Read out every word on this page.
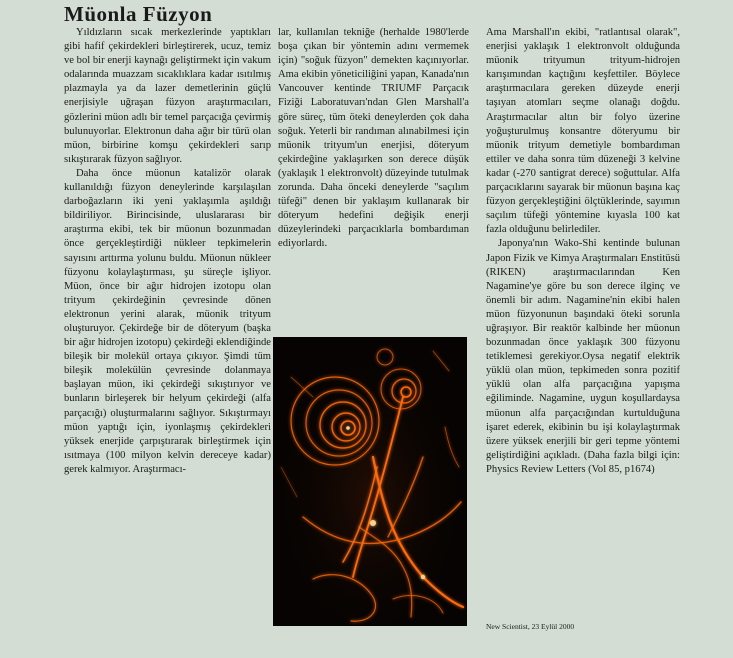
Müonla Füzyon

Yıldızların sıcak merkezlerinde yaptıkları gibi hafif çekirdekleri birleştirerek, ucuz, temiz ve bol bir enerji kaynağı geliştirmekt için vakum odalarında muazzam sıcaklıklara kadar ısıtılmış plazmayla ya da lazer demetlerinin güçlü enerjisiyle uğraşan füzyon araştırmacıları, gözlerini müon adlı bir temel parçacığa çevirmiş bulunuyorlar. Elektronun daha ağır bir türü olan müon, birbirine komşu çekirdekleri sarıp sıkıştırarak füzyon sağlıyor.

Daha önce müonun katalizör olarak kullanıldığı füzyon deneylerinde karşılaşılan darboğazların iki yeni yaklaşımla aşıldığı bildiriliyor. Birincisinde, uluslararası bir araştırma ekibi, tek bir müonun bozunmadan önce gerçekleştirdiği nükleer tepkimelerin sayısını arttırma yolunu buldu. Müonun nükleer füzyonu kolaylaştırması, şu süreçle işliyor. Müon, önce bir ağır hidrojen izotopu olan trityum çekirdeğinin çevresinde dönen elektronun yerini alarak, müonik trityum oluşturuyor. Çekirdeğe bir de döteryum (başka bir ağır hidrojen izotopu) çekirdeği eklendiğinde bileşik bir molekül ortaya çıkıyor. Şimdi tüm bileşik molekülün çevresinde dolanmaya başlayan müon, iki çekirdeği sıkıştırıyor ve bunların birleşerek bir helyum çekirdeği (alfa parçacığı) oluşturmalarını sağlıyor. Sıkıştırmayı müon yaptığı için, iyonlaşmış çekirdekleri yüksek enerjide çarpıştırarak birleştirmek için ısıtmaya (100 milyon kelvin dereceye kadar) gerek kalmıyor. Araştırmacı-

lar, kullanılan tekniğe (herhalde 1980'lerde boşa çıkan bir yöntemin adını vermemek için) "soğuk füzyon" demekten kaçınıyorlar. Ama ekibin yöneticiliğini yapan, Kanada'nın Vancouver kentinde TRIUMF Parçacık Fiziği Laboratuvarı'ndan Glen Marshall'a göre süreç, tüm öteki deneylerden çok daha soğuk. Yeterli bir randıman alınabilmesi için müonik trityum'un enerjisi, döteryum çekirdeğine yaklaşırken son derece düşük (yaklaşık 1 elektronvolt) düzeyinde tutulmak zorunda. Daha önceki deneylerde "saçılım tüfeği" denen bir yaklaşım kullanarak bir döteryum hedefini değişik enerji düzeylerindeki parçacıklarla bombardıman ediyorlardı.

Ama Marshall'ın ekibi, "ratlantısal olarak", enerjisi yaklaşık 1 elektronvolt olduğunda müonik trityumun trityum-hidrojen karışımından kaçtığını keşfettiler. Böylece araştırmacılara gereken düzeyde enerji taşıyan atomları seçme olanağı doğdu. Araştırmacılar altın bir folyo üzerine yoğuşturulmuş konsantre döteryumu bir müonik trityum demetiyle bombardıman ettiler ve daha sonra tüm düzeneği 3 kelvine kadar (-270 santigrat derece) soğuttular. Alfa parçacıklarını sayarak bir müonun başına kaç füzyon gerçekleştiğini ölçtüklerinde, sayımın saçılım tüfeği yöntemine kıyasla 100 kat fazla olduğunu belirlediler.

Japonya'nın Wako-Shi kentinde bulunan Japon Fizik ve Kimya Araştırmaları Enstitüsü (RIKEN) araştırmacılarından Ken Nagamine'ye göre bu son derece ilginç ve önemli bir adım. Nagamine'nin ekibi halen müon füzyonunun başındaki öteki sorunla uğraşıyor. Bir reaktör kalbinde her müonun bozunmadan önce yaklaşık 300 füzyonu tetiklemesi gerekiyor.Oysa negatif elektrik yüklü olan müon, tepkimeden sonra pozitif yüklü olan alfa parçacığına yapışma eğiliminde. Nagamine, uygun koşullardaysa müonun alfa parçacığından kurtulduğuna işaret ederek, ekibinin bu işi kolaylaştırmak üzere yüksek enerjili bir geri tepme yöntemi geliştirdiğini açıkladı. (Daha fazla bilgi için: Physics Review Letters (Vol 85, p1674)

New Scientist, 23 Eylül 2000
